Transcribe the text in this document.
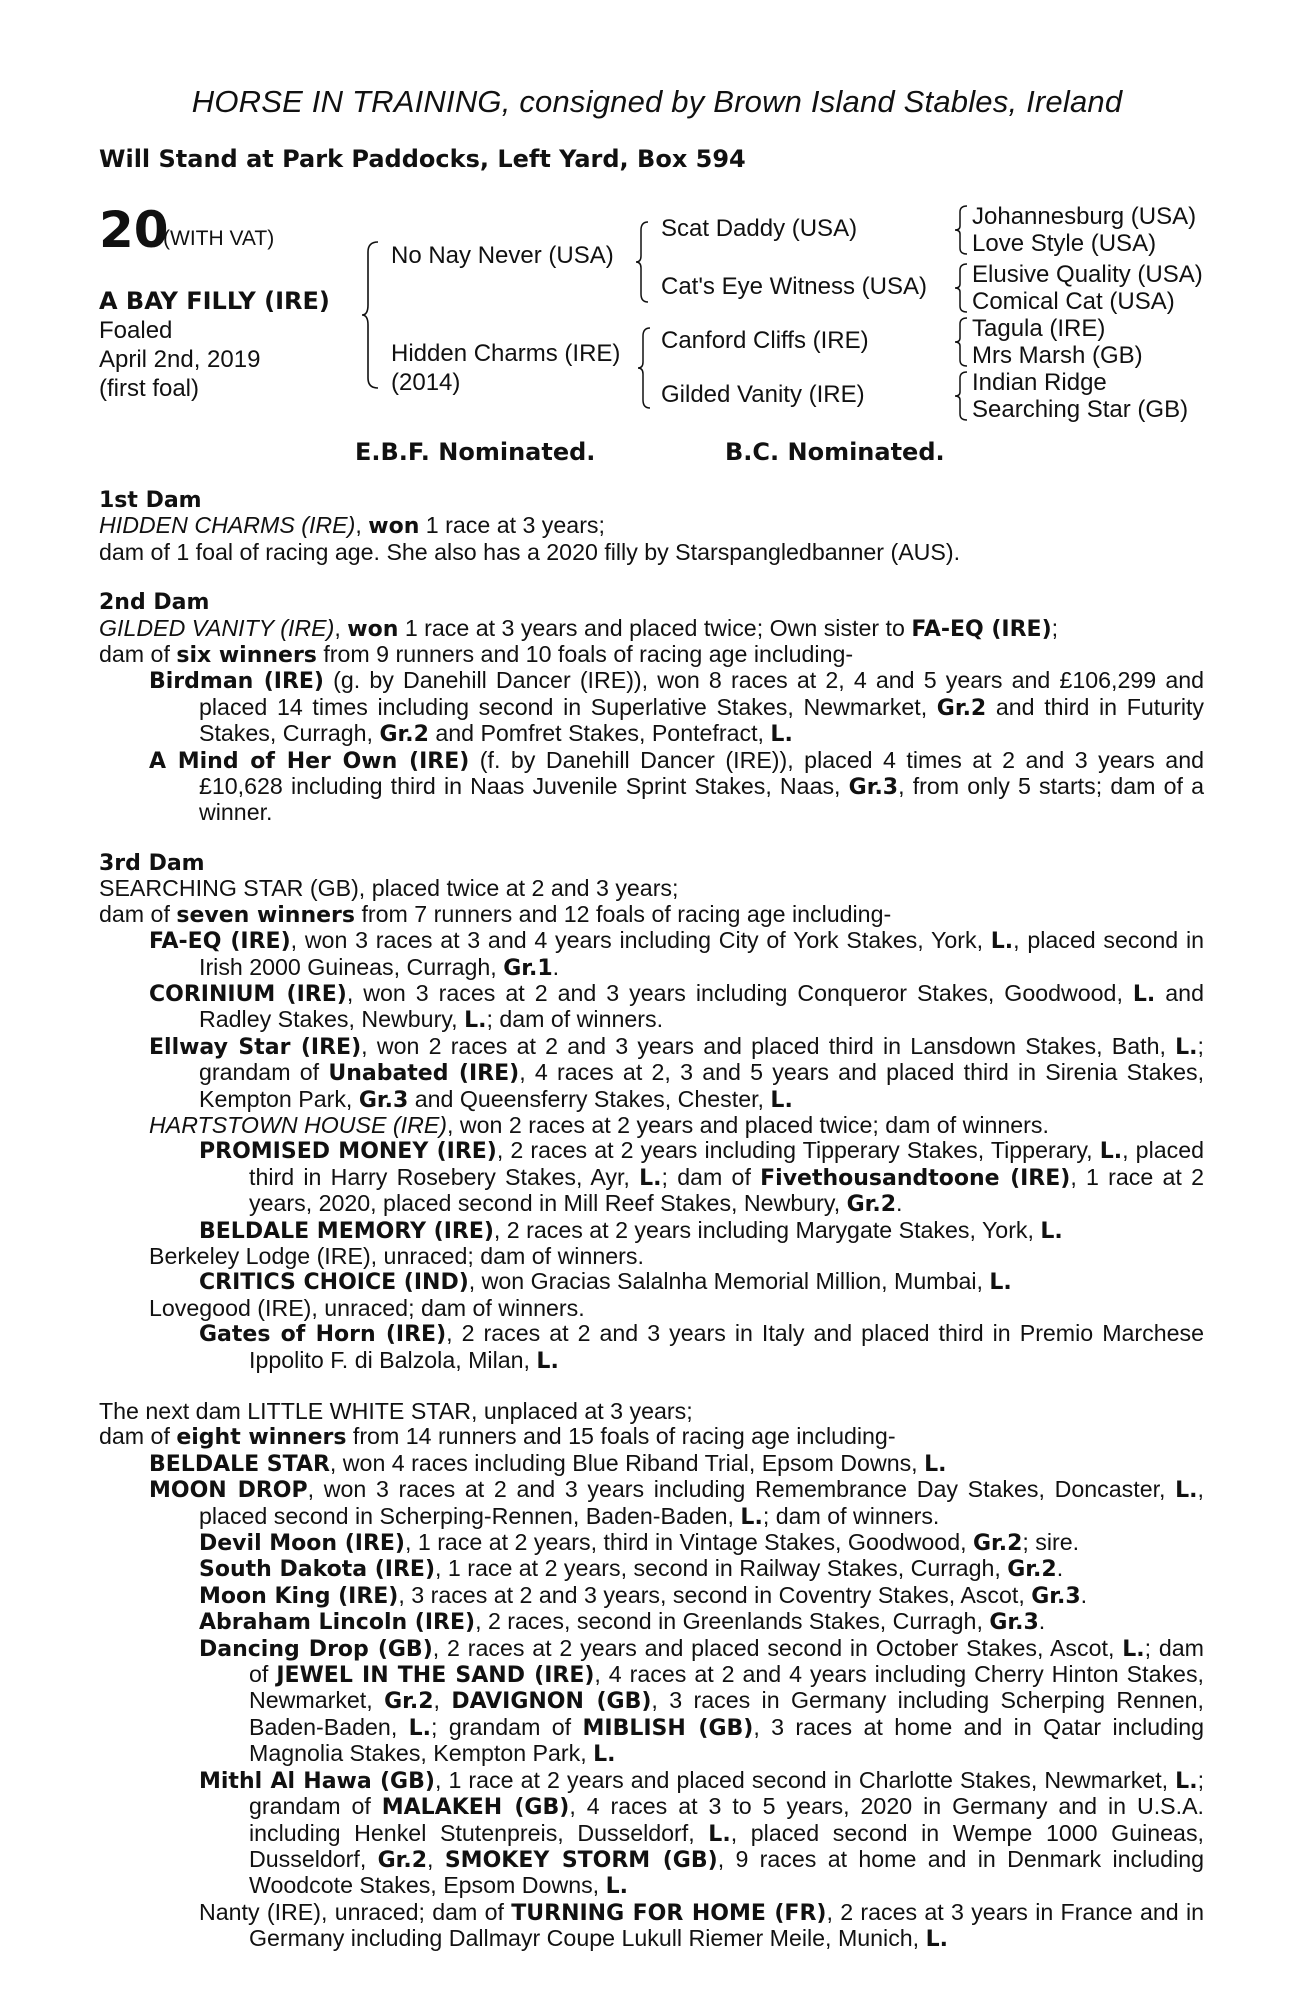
HORSE IN TRAINING, consigned by Brown Island Stables, Ireland
Will Stand at Park Paddocks, Left Yard, Box 594
20
(WITH VAT)
A BAY FILLY (IRE)
Foaled
April 2nd, 2019
(first foal)
No Nay Never (USA)
Hidden Charms (IRE)
(2014)
Scat Daddy (USA)
Cat's Eye Witness (USA)
Canford Cliffs (IRE)
Gilded Vanity (IRE)
Johannesburg (USA)
Love Style (USA)
Elusive Quality (USA)
Comical Cat (USA)
Tagula (IRE)
Mrs Marsh (GB)
Indian Ridge
Searching Star (GB)
E.B.F. Nominated.	B.C. Nominated.

1st Dam

HIDDEN CHARMS (IRE), won 1 race at 3 years;

dam of 1 foal of racing age. She also has a 2020 filly by Starspangledbanner (AUS).

2nd Dam

GILDED VANITY (IRE), won 1 race at 3 years and placed twice; Own sister to FA-EQ (IRE);

dam of six winners from 9 runners and 10 foals of racing age including-

Birdman (IRE) (g. by Danehill Dancer (IRE)), won 8 races at 2, 4 and 5 years and £106,299 and placed 14 times including second in Superlative Stakes, Newmarket, Gr.2 and third in Futurity Stakes, Curragh, Gr.2 and Pomfret Stakes, Pontefract, L.

A Mind of Her Own (IRE) (f. by Danehill Dancer (IRE)), placed 4 times at 2 and 3 years and £10,628 including third in Naas Juvenile Sprint Stakes, Naas, Gr.3, from only 5 starts; dam of a winner.

3rd Dam

SEARCHING STAR (GB), placed twice at 2 and 3 years;

dam of seven winners from 7 runners and 12 foals of racing age including-

FA-EQ (IRE), won 3 races at 3 and 4 years including City of York Stakes, York, L., placed second in Irish 2000 Guineas, Curragh, Gr.1.

CORINIUM (IRE), won 3 races at 2 and 3 years including Conqueror Stakes, Goodwood, L. and Radley Stakes, Newbury, L.; dam of winners.

Ellway Star (IRE), won 2 races at 2 and 3 years and placed third in Lansdown Stakes, Bath, L.; grandam of Unabated (IRE), 4 races at 2, 3 and 5 years and placed third in Sirenia Stakes, Kempton Park, Gr.3 and Queensferry Stakes, Chester, L.

HARTSTOWN HOUSE (IRE), won 2 races at 2 years and placed twice; dam of winners.

PROMISED MONEY (IRE), 2 races at 2 years including Tipperary Stakes, Tipperary, L., placed third in Harry Rosebery Stakes, Ayr, L.; dam of Fivethousandtoone (IRE), 1 race at 2 years, 2020, placed second in Mill Reef Stakes, Newbury, Gr.2.

BELDALE MEMORY (IRE), 2 races at 2 years including Marygate Stakes, York, L.

Berkeley Lodge (IRE), unraced; dam of winners.

CRITICS CHOICE (IND), won Gracias Salalnha Memorial Million, Mumbai, L.

Lovegood (IRE), unraced; dam of winners.

Gates of Horn (IRE), 2 races at 2 and 3 years in Italy and placed third in Premio Marchese Ippolito F. di Balzola, Milan, L.

The next dam LITTLE WHITE STAR, unplaced at 3 years;

dam of eight winners from 14 runners and 15 foals of racing age including-

BELDALE STAR, won 4 races including Blue Riband Trial, Epsom Downs, L.

MOON DROP, won 3 races at 2 and 3 years including Remembrance Day Stakes, Doncaster, L., placed second in Scherping-Rennen, Baden-Baden, L.; dam of winners.

Devil Moon (IRE), 1 race at 2 years, third in Vintage Stakes, Goodwood, Gr.2; sire.

South Dakota (IRE), 1 race at 2 years, second in Railway Stakes, Curragh, Gr.2.

Moon King (IRE), 3 races at 2 and 3 years, second in Coventry Stakes, Ascot, Gr.3.

Abraham Lincoln (IRE), 2 races, second in Greenlands Stakes, Curragh, Gr.3.

Dancing Drop (GB), 2 races at 2 years and placed second in October Stakes, Ascot, L.; dam of JEWEL IN THE SAND (IRE), 4 races at 2 and 4 years including Cherry Hinton Stakes, Newmarket, Gr.2, DAVIGNON (GB), 3 races in Germany including Scherping Rennen, Baden-Baden, L.; grandam of MIBLISH (GB), 3 races at home and in Qatar including Magnolia Stakes, Kempton Park, L.

Mithl Al Hawa (GB), 1 race at 2 years and placed second in Charlotte Stakes, Newmarket, L.; grandam of MALAKEH (GB), 4 races at 3 to 5 years, 2020 in Germany and in U.S.A. including Henkel Stutenpreis, Dusseldorf, L., placed second in Wempe 1000 Guineas, Dusseldorf, Gr.2, SMOKEY STORM (GB), 9 races at home and in Denmark including Woodcote Stakes, Epsom Downs, L.

Nanty (IRE), unraced; dam of TURNING FOR HOME (FR), 2 races at 3 years in France and in Germany including Dallmayr Coupe Lukull Riemer Meile, Munich, L.
